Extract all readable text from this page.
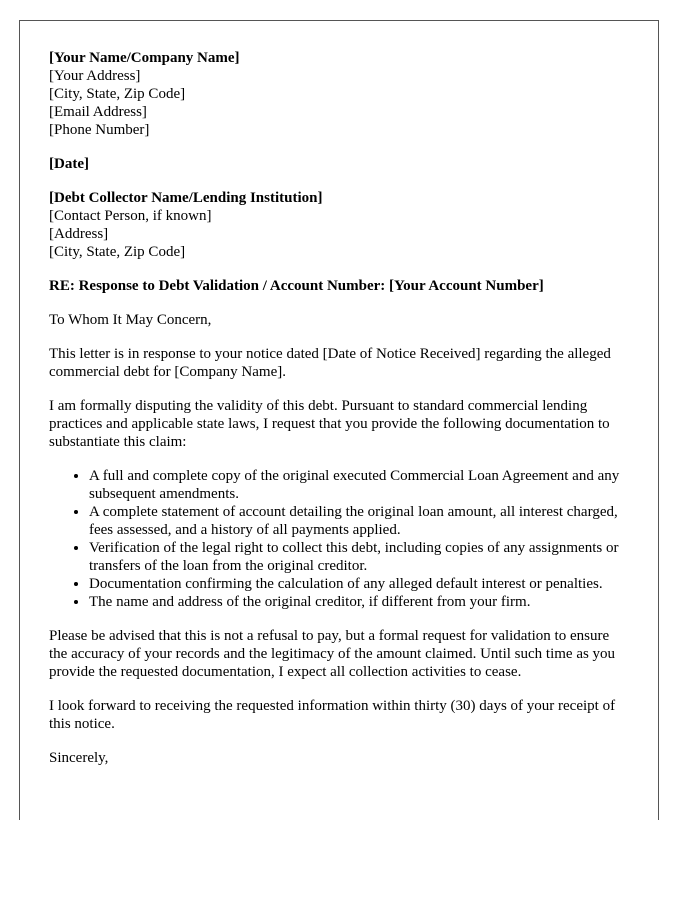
[Your Name/Company Name]

[Your Address]

[City, State, Zip Code]

[Email Address]

[Phone Number]

[Date]

[Debt Collector Name/Lending Institution]

[Contact Person, if known]

[Address]

[City, State, Zip Code]

RE: Response to Debt Validation / Account Number: [Your Account Number]

To Whom It May Concern,

This letter is in response to your notice dated [Date of Notice Received] regarding the alleged commercial debt for [Company Name].

I am formally disputing the validity of this debt. Pursuant to standard commercial lending practices and applicable state laws, I request that you provide the following documentation to substantiate this claim:

• A full and complete copy of the original executed Commercial Loan Agreement and any subsequent amendments.
• A complete statement of account detailing the original loan amount, all interest charged, fees assessed, and a history of all payments applied.
• Verification of the legal right to collect this debt, including copies of any assignments or transfers of the loan from the original creditor.
• Documentation confirming the calculation of any alleged default interest or penalties.
• The name and address of the original creditor, if different from your firm.

Please be advised that this is not a refusal to pay, but a formal request for validation to ensure the accuracy of your records and the legitimacy of the amount claimed. Until such time as you provide the requested documentation, I expect all collection activities to cease.

I look forward to receiving the requested information within thirty (30) days of your receipt of this notice.

Sincerely,
